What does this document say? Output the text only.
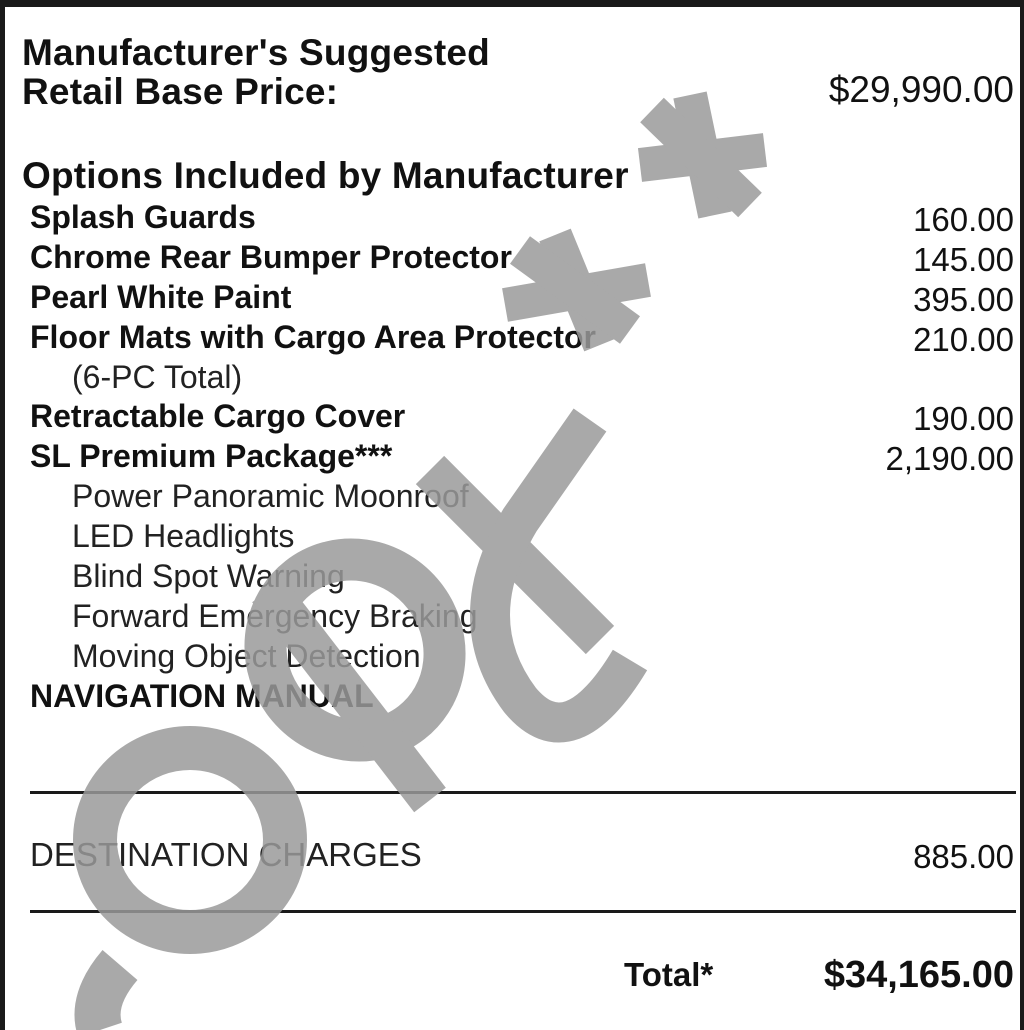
Manufacturer's Suggested
Retail Base Price:	$29,990.00
Options Included by Manufacturer
Splash Guards	160.00
Chrome Rear Bumper Protector	145.00
Pearl White Paint	395.00
Floor Mats with Cargo Area Protector	210.00
(6-PC Total)
Retractable Cargo Cover	190.00
SL Premium Package***	2,190.00
Power Panoramic Moonroof
LED Headlights
Blind Spot Warning
Forward Emergency Braking
Moving Object Detection
NAVIGATION MANUAL
DESTINATION CHARGES	885.00
Total*	$34,165.00
